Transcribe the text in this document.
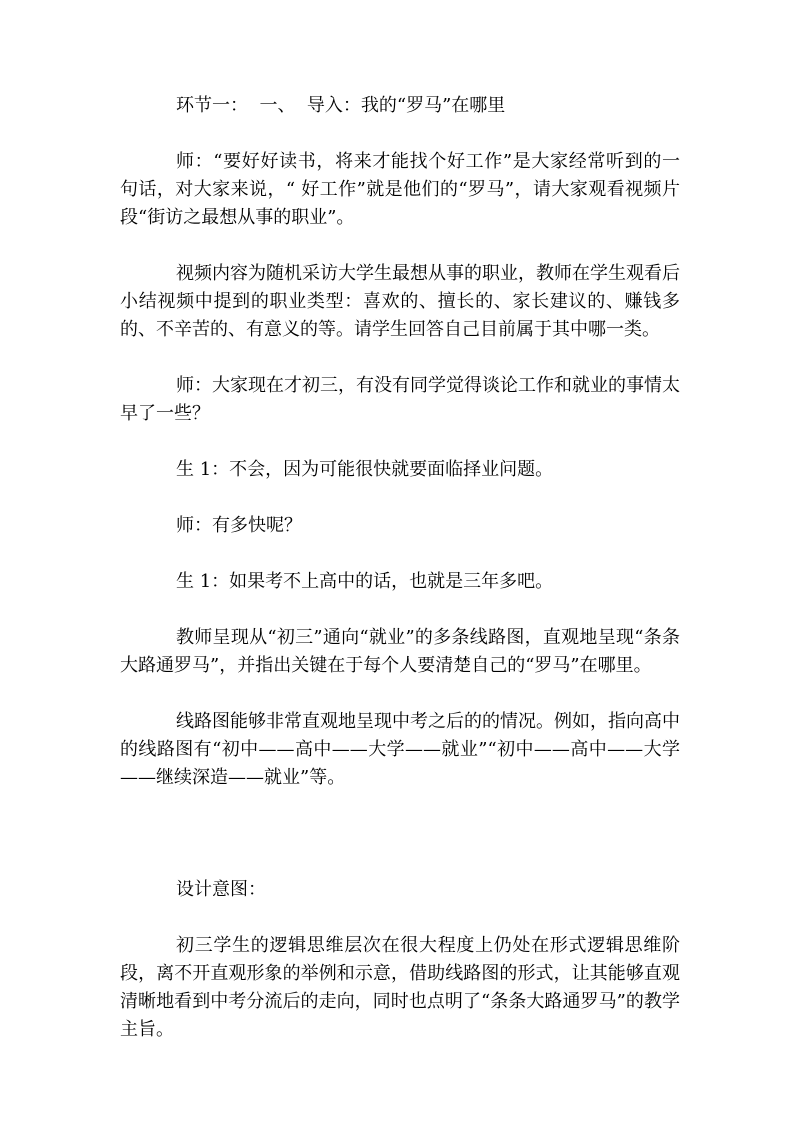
环节一：  一、  导入：我的“罗马”在哪里

师：“要好好读书，将来才能找个好工作”是大家经常听到的一句话，对大家来说，“ 好工作”就是他们的“罗马”，请大家观看视频片段“街访之最想从事的职业”。

视频内容为随机采访大学生最想从事的职业，教师在学生观看后小结视频中提到的职业类型：喜欢的、擅长的、家长建议的、赚钱多的、不辛苦的、有意义的等。请学生回答自己目前属于其中哪一类。

师：大家现在才初三，有没有同学觉得谈论工作和就业的事情太早了一些？

生 1：不会，因为可能很快就要面临择业问题。

师：有多快呢？

生 1：如果考不上高中的话，也就是三年多吧。

教师呈现从“初三”通向“就业”的多条线路图，直观地呈现“条条大路通罗马”，并指出关键在于每个人要清楚自己的“罗马”在哪里。

线路图能够非常直观地呈现中考之后的的情况。例如，指向高中的线路图有“初中——高中——大学——就业”“初中——高中——大学——继续深造——就业”等。

设计意图：

初三学生的逻辑思维层次在很大程度上仍处在形式逻辑思维阶段，离不开直观形象的举例和示意，借助线路图的形式，让其能够直观清晰地看到中考分流后的走向，同时也点明了“条条大路通罗马”的教学主旨。
